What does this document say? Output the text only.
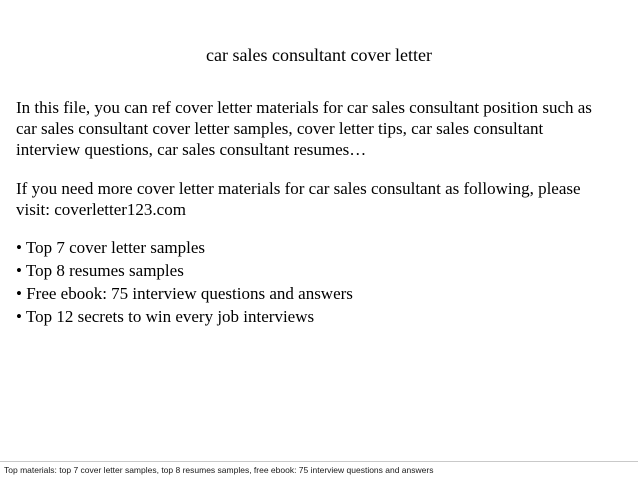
car sales consultant cover letter

In this file, you can ref cover letter materials for car sales consultant position such as
car sales consultant cover letter samples, cover letter tips, car sales consultant
interview questions, car sales consultant resumes…

If you need more cover letter materials for car sales consultant as following, please
visit: coverletter123.com

• Top 7 cover letter samples
• Top 8 resumes samples
• Free ebook: 75 interview questions and answers
• Top 12 secrets to win every job interviews
Top materials: top 7 cover letter samples, top 8 resumes samples, free ebook: 75 interview questions and answers
